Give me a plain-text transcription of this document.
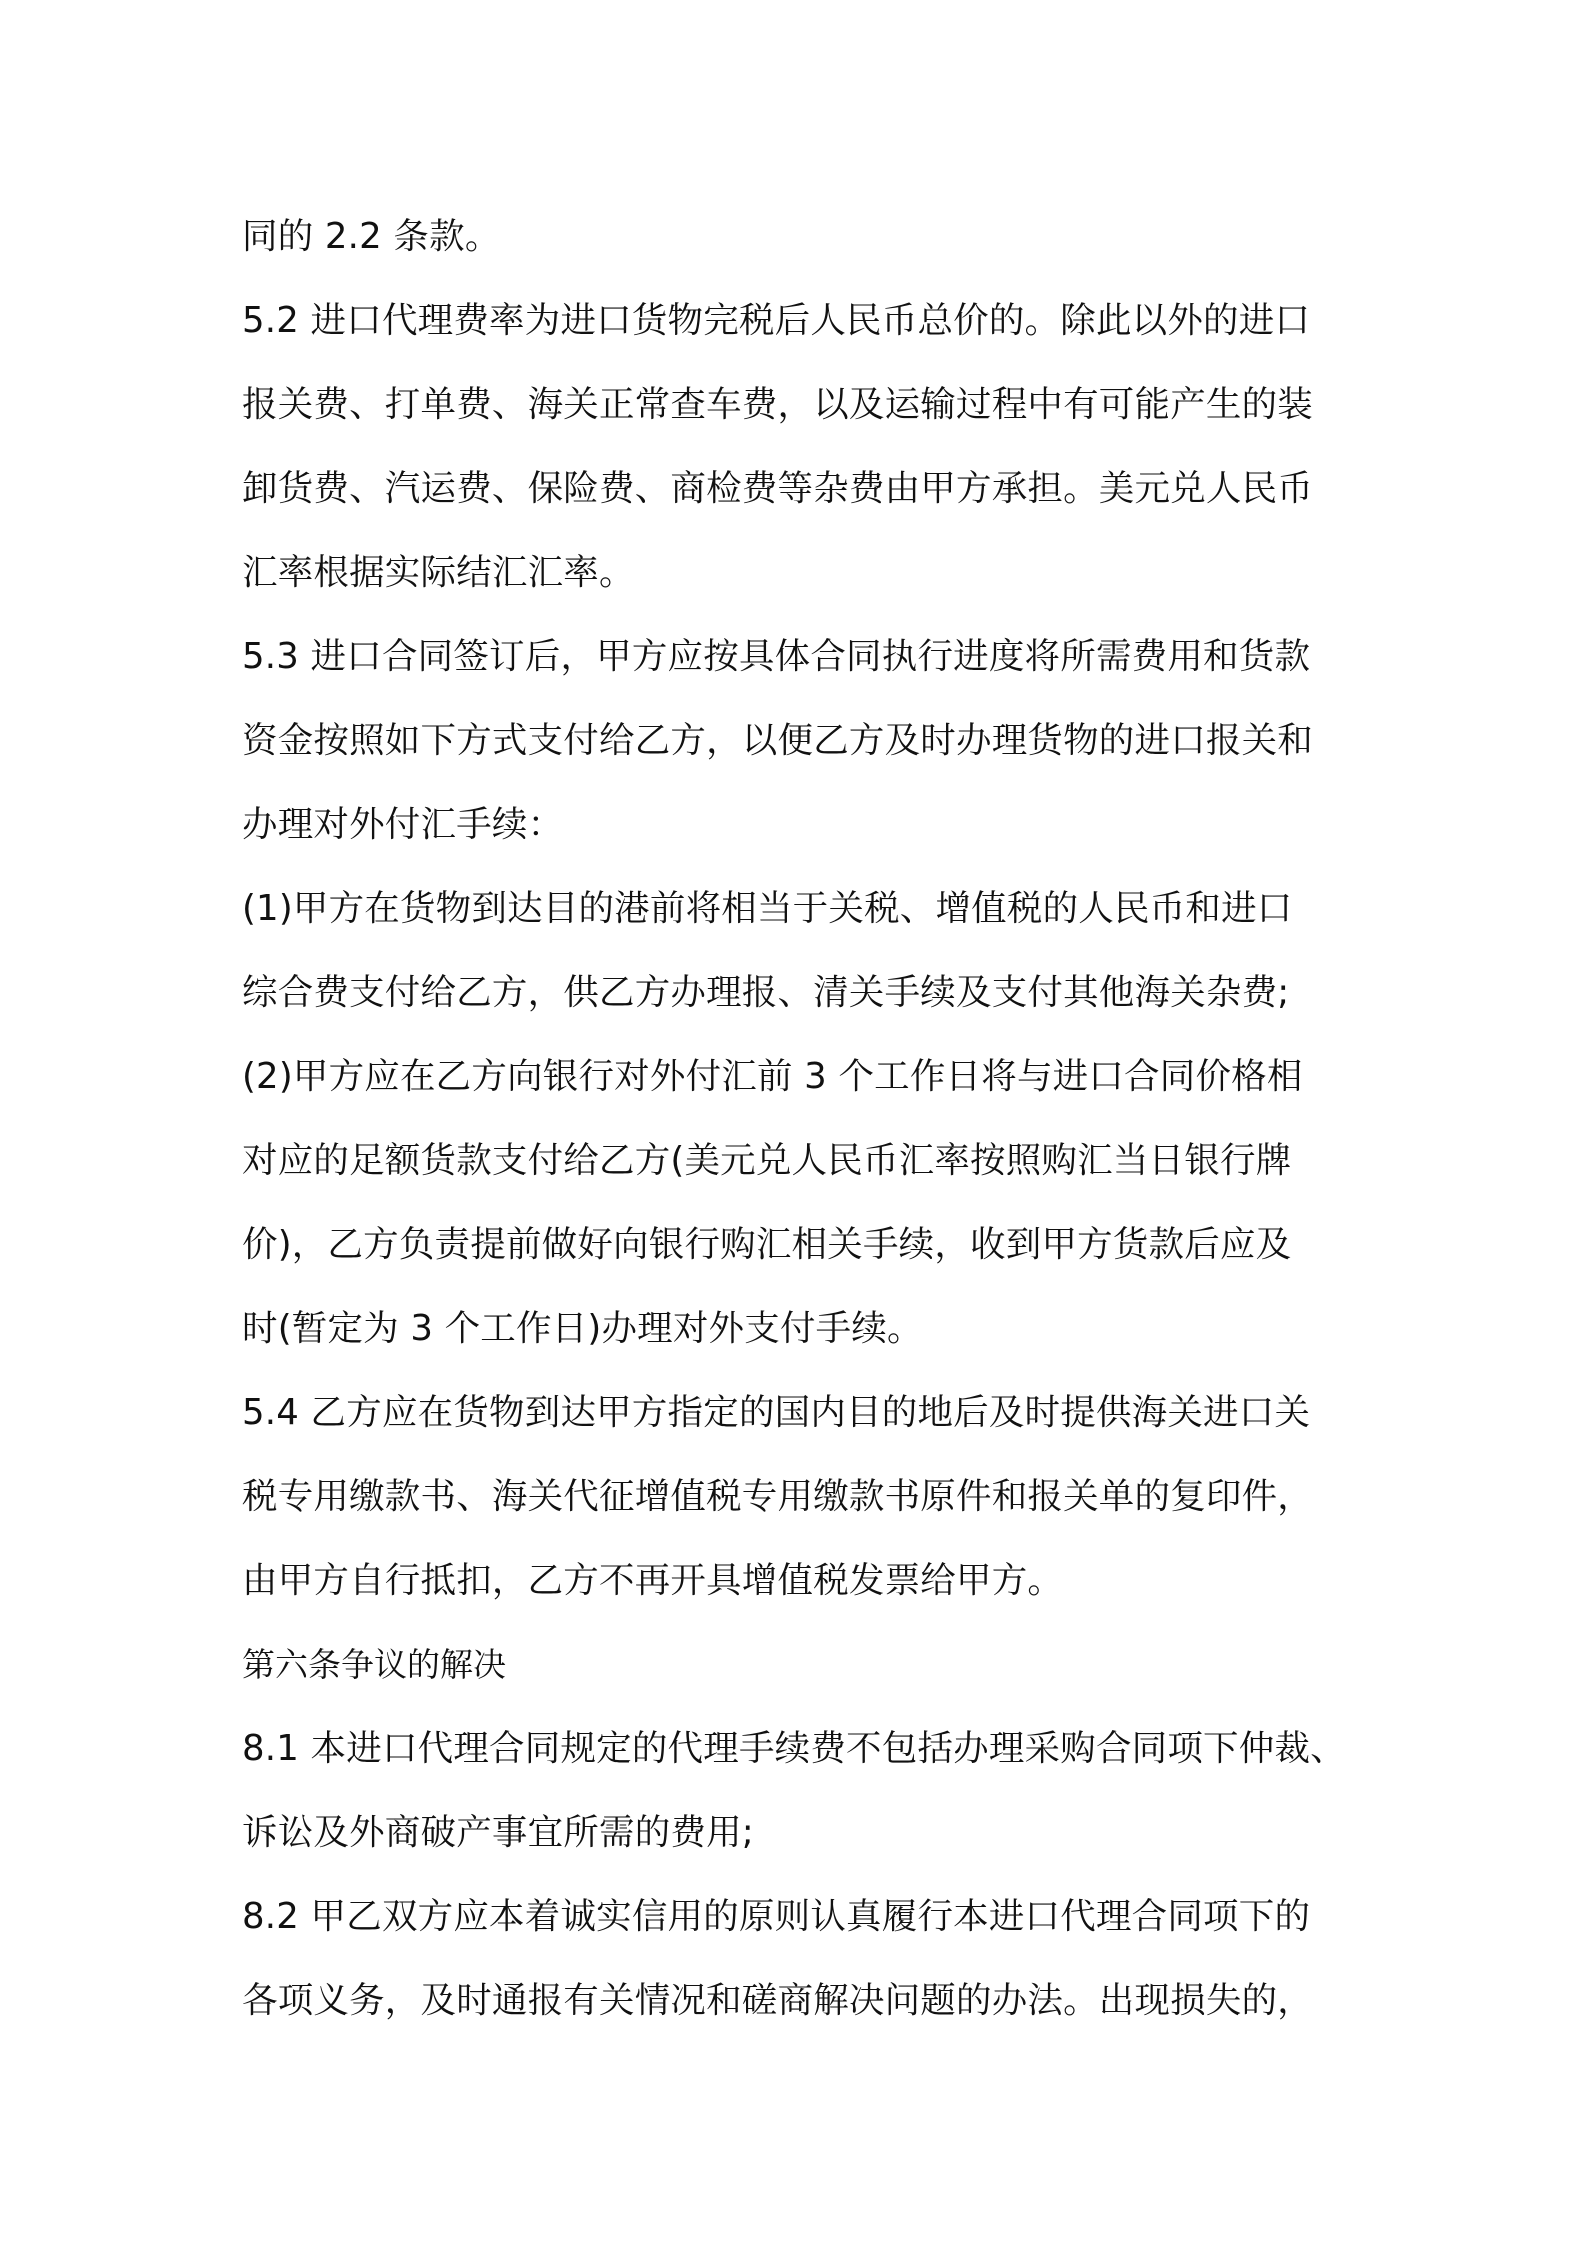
同的 2.2 条款。
5.2 进口代理费率为进口货物完税后人民币总价的。除此以外的进口
报关费、打单费、海关正常查车费，以及运输过程中有可能产生的装
卸货费、汽运费、保险费、商检费等杂费由甲方承担。美元兑人民币
汇率根据实际结汇汇率。
5.3 进口合同签订后，甲方应按具体合同执行进度将所需费用和货款
资金按照如下方式支付给乙方，以便乙方及时办理货物的进口报关和
办理对外付汇手续：
(1)甲方在货物到达目的港前将相当于关税、增值税的人民币和进口
综合费支付给乙方，供乙方办理报、清关手续及支付其他海关杂费;
(2)甲方应在乙方向银行对外付汇前 3 个工作日将与进口合同价格相
对应的足额货款支付给乙方(美元兑人民币汇率按照购汇当日银行牌
价)，乙方负责提前做好向银行购汇相关手续，收到甲方货款后应及
时(暂定为 3 个工作日)办理对外支付手续。
5.4 乙方应在货物到达甲方指定的国内目的地后及时提供海关进口关
税专用缴款书、海关代征增值税专用缴款书原件和报关单的复印件，
由甲方自行抵扣，乙方不再开具增值税发票给甲方。
第六条争议的解决
8.1 本进口代理合同规定的代理手续费不包括办理采购合同项下仲裁、
诉讼及外商破产事宜所需的费用;
8.2 甲乙双方应本着诚实信用的原则认真履行本进口代理合同项下的
各项义务，及时通报有关情况和磋商解决问题的办法。出现损失的，
